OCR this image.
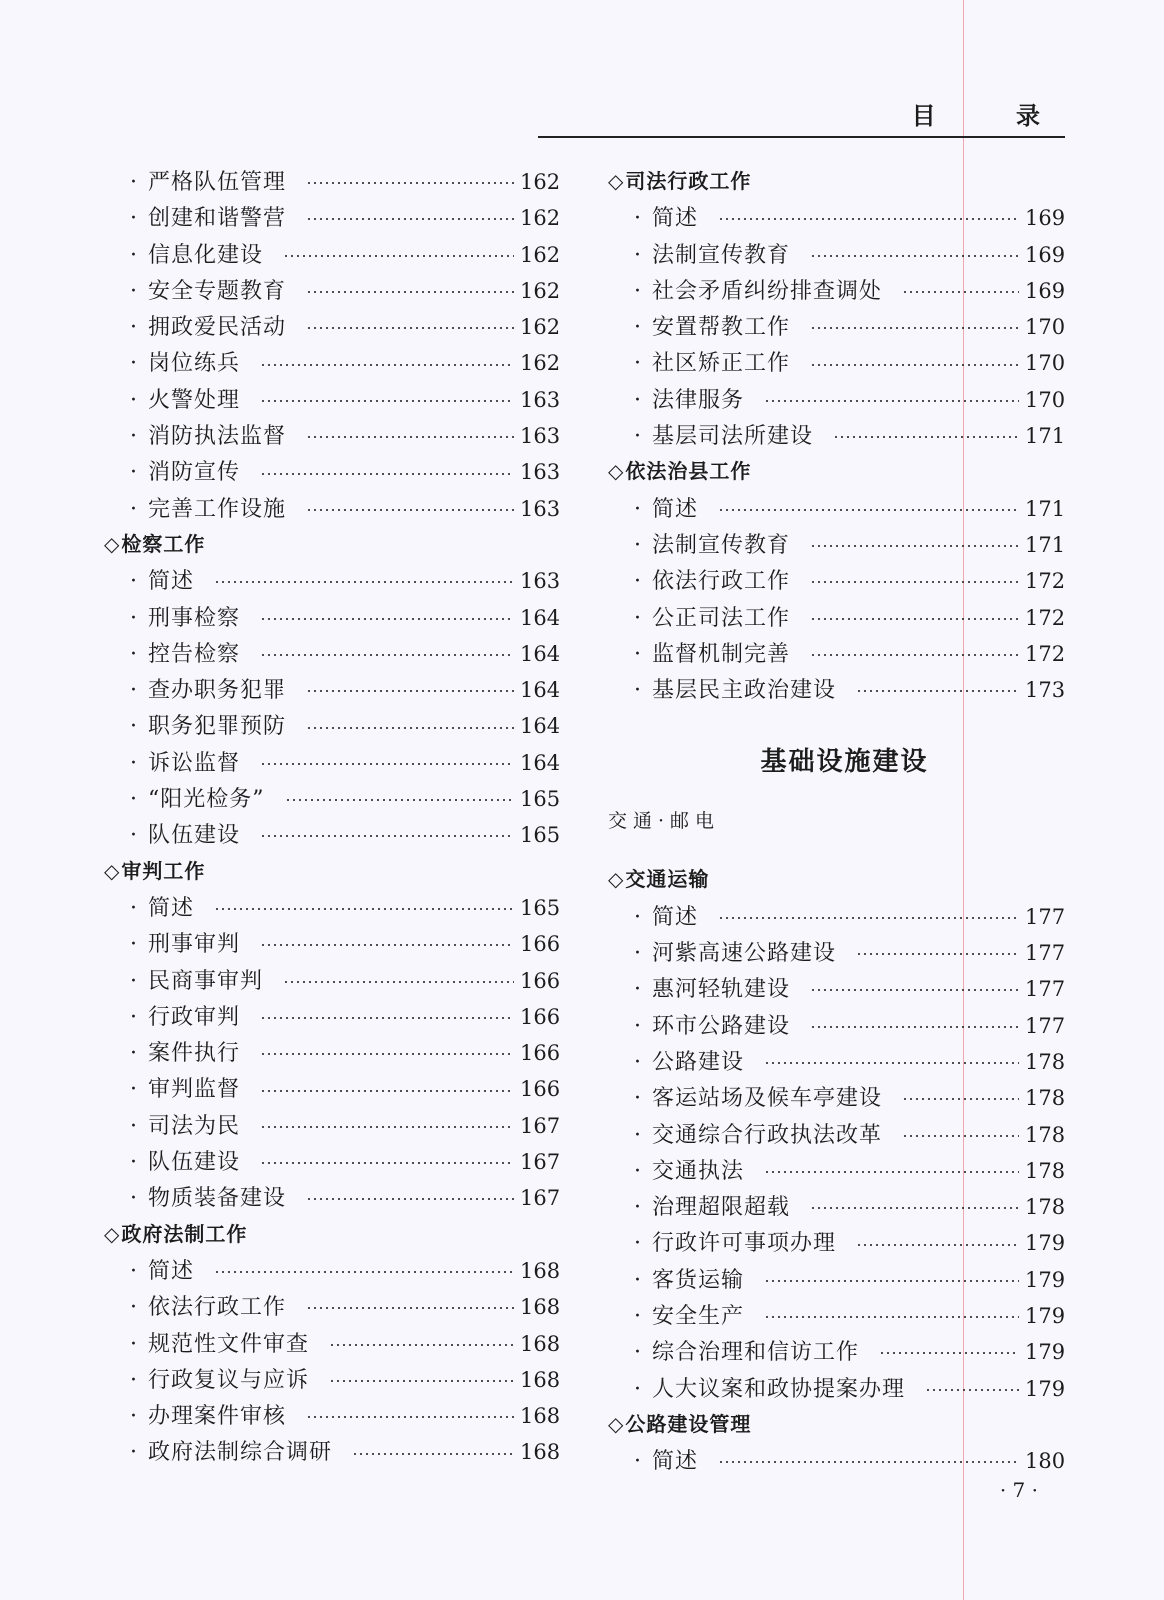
目 录
· 严格队伍管理	162
· 创建和谐警营	162
· 信息化建设	162
· 安全专题教育	162
· 拥政爱民活动	162
· 岗位练兵	162
· 火警处理	163
· 消防执法监督	163
· 消防宣传	163
· 完善工作设施	163
◇ 检察工作
· 简述	163
· 刑事检察	164
· 控告检察	164
· 查办职务犯罪	164
· 职务犯罪预防	164
· 诉讼监督	164
· “阳光检务”	165
· 队伍建设	165
◇ 审判工作
· 简述	165
· 刑事审判	166
· 民商事审判	166
· 行政审判	166
· 案件执行	166
· 审判监督	166
· 司法为民	167
· 队伍建设	167
· 物质装备建设	167
◇ 政府法制工作
· 简述	168
· 依法行政工作	168
· 规范性文件审查	168
· 行政复议与应诉	168
· 办理案件审核	168
· 政府法制综合调研	168
◇ 司法行政工作
· 简述	169
· 法制宣传教育	169
· 社会矛盾纠纷排查调处	169
· 安置帮教工作	170
· 社区矫正工作	170
· 法律服务	170
· 基层司法所建设	171
◇ 依法治县工作
· 简述	171
· 法制宣传教育	171
· 依法行政工作	172
· 公正司法工作	172
· 监督机制完善	172
· 基层民主政治建设	173
基础设施建设
交通·邮电
◇ 交通运输
· 简述	177
· 河紫高速公路建设	177
· 惠河轻轨建设	177
· 环市公路建设	177
· 公路建设	178
· 客运站场及候车亭建设	178
· 交通综合行政执法改革	178
· 交通执法	178
· 治理超限超载	178
· 行政许可事项办理	179
· 客货运输	179
· 安全生产	179
· 综合治理和信访工作	179
· 人大议案和政协提案办理	179
◇ 公路建设管理
· 简述	180
· 7 ·
